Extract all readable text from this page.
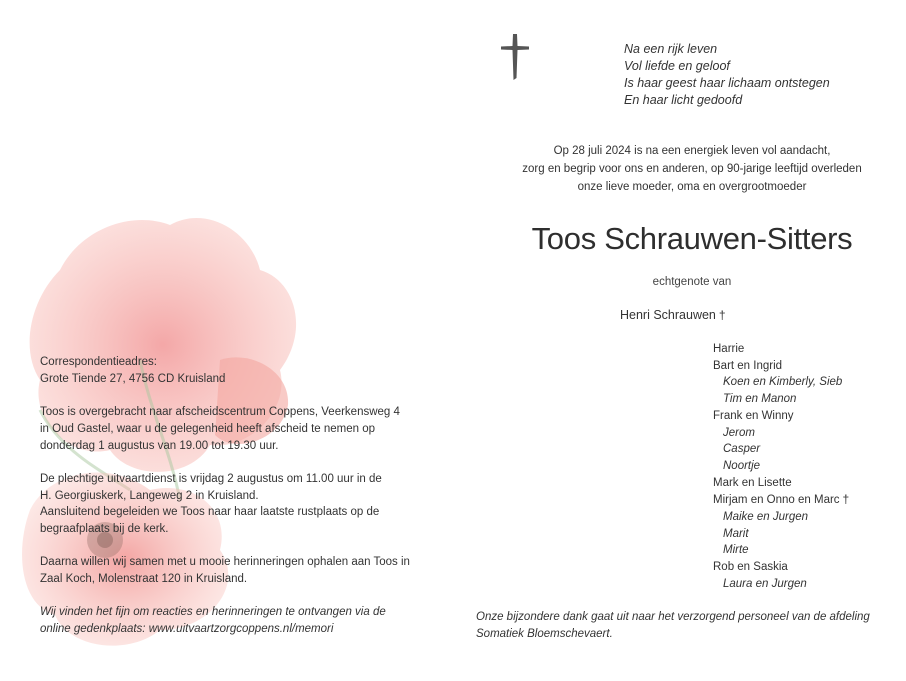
Na een rijk leven
Vol liefde en geloof
Is haar geest haar lichaam ontstegen
En haar licht gedoofd
Op 28 juli 2024 is na een energiek leven vol aandacht,
zorg en begrip voor ons en anderen, op 90-jarige leeftijd overleden
onze lieve moeder, oma en overgrootmoeder
Toos Schrauwen-Sitters
echtgenote van
Henri Schrauwen †
Harrie
Bart en Ingrid
Koen en Kimberly, Sieb
Tim en Manon
Frank en Winny
Jerom
Casper
Noortje
Mark en Lisette
Mirjam en Onno en Marc †
Maike en Jurgen
Marit
Mirte
Rob en Saskia
Laura en Jurgen
Onze bijzondere dank gaat uit naar het verzorgend personeel van de afdeling
Somatiek Bloemschevaert.

Correspondentieadres:
Grote Tiende 27, 4756 CD Kruisland

Toos is overgebracht naar afscheidscentrum Coppens, Veerkensweg 4
in Oud Gastel, waar u de gelegenheid heeft afscheid te nemen op
donderdag 1 augustus van 19.00 tot 19.30 uur.

De plechtige uitvaartdienst is vrijdag 2 augustus om 11.00 uur in de
H. Georgiuskerk, Langeweg 2 in Kruisland.
Aansluitend begeleiden we Toos naar haar laatste rustplaats op de
begraafplaats bij de kerk.

Daarna willen wij samen met u mooie herinneringen ophalen aan Toos in
Zaal Koch, Molenstraat 120 in Kruisland.

Wij vinden het fijn om reacties en herinneringen te ontvangen via de
online gedenkplaats: www.uitvaartzorgcoppens.nl/memori
